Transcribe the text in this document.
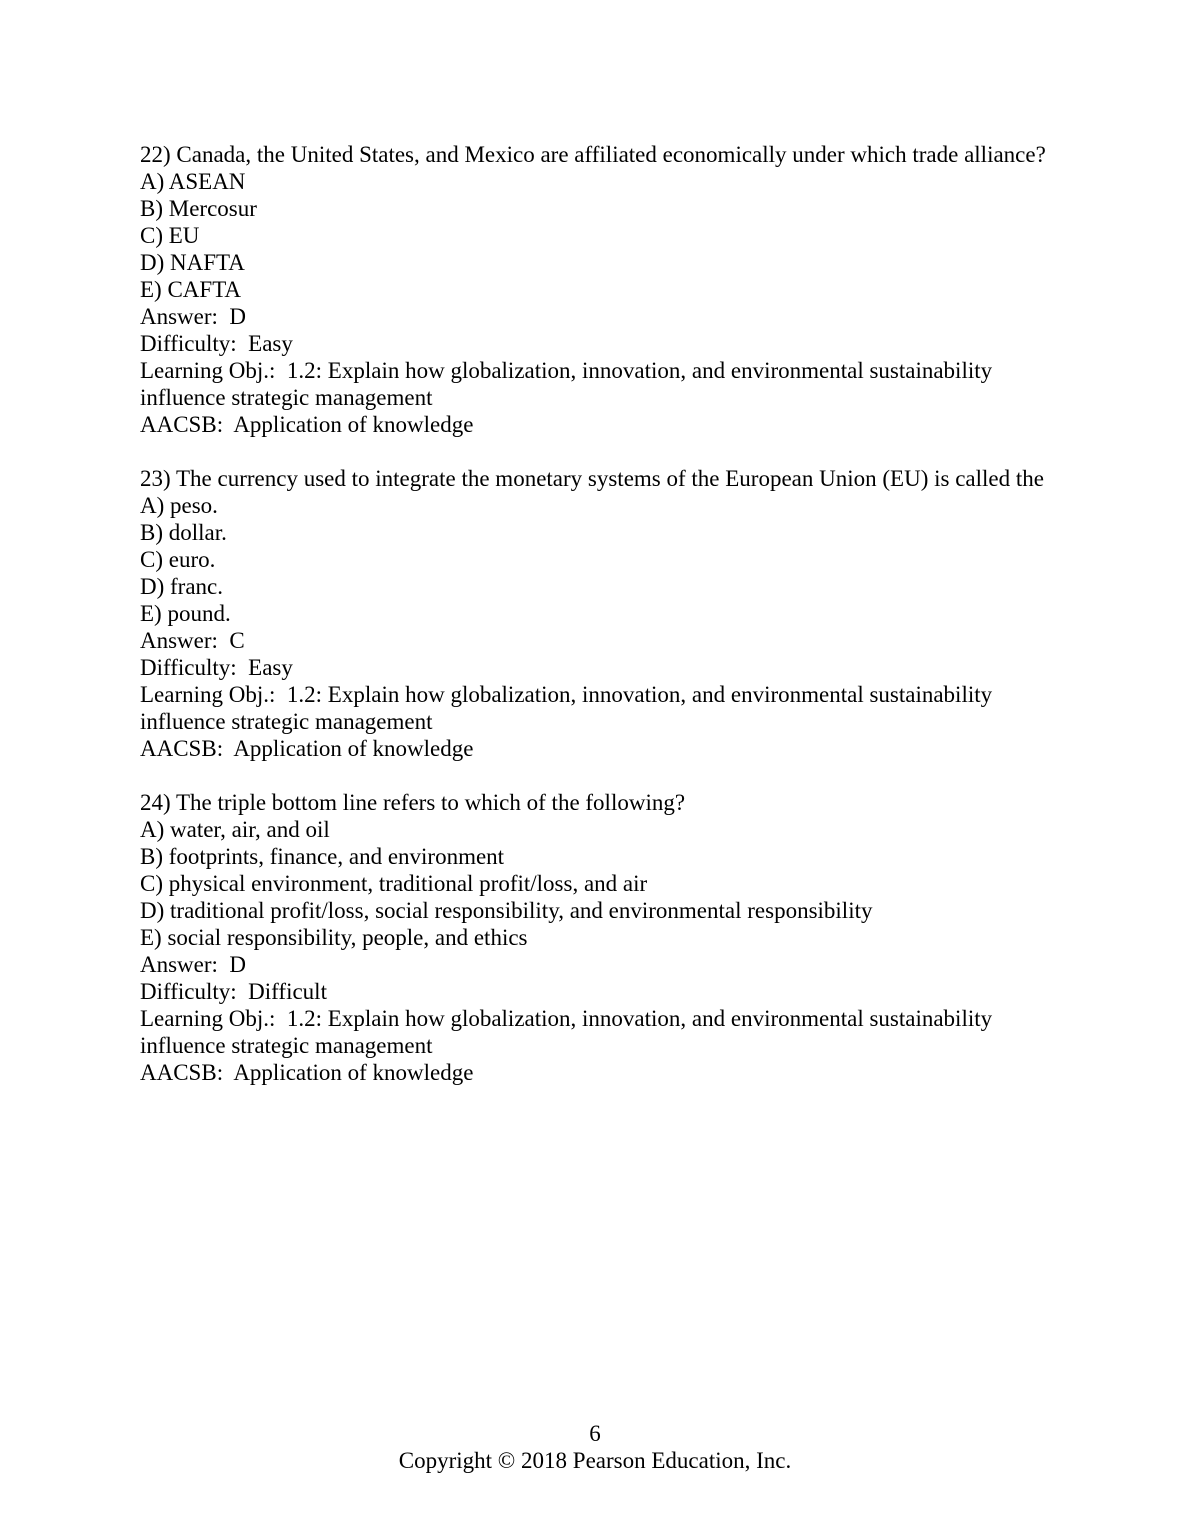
22) Canada, the United States, and Mexico are affiliated economically under which trade alliance?
A) ASEAN
B) Mercosur
C) EU
D) NAFTA
E) CAFTA
Answer:  D
Difficulty:  Easy
Learning Obj.:  1.2: Explain how globalization, innovation, and environmental sustainability influence strategic management
AACSB:  Application of knowledge
23) The currency used to integrate the monetary systems of the European Union (EU) is called the
A) peso.
B) dollar.
C) euro.
D) franc.
E) pound.
Answer:  C
Difficulty:  Easy
Learning Obj.:  1.2: Explain how globalization, innovation, and environmental sustainability influence strategic management
AACSB:  Application of knowledge
24) The triple bottom line refers to which of the following?
A) water, air, and oil
B) footprints, finance, and environment
C) physical environment, traditional profit/loss, and air
D) traditional profit/loss, social responsibility, and environmental responsibility
E) social responsibility, people, and ethics
Answer:  D
Difficulty:  Difficult
Learning Obj.:  1.2: Explain how globalization, innovation, and environmental sustainability influence strategic management
AACSB:  Application of knowledge
6
Copyright © 2018 Pearson Education, Inc.
